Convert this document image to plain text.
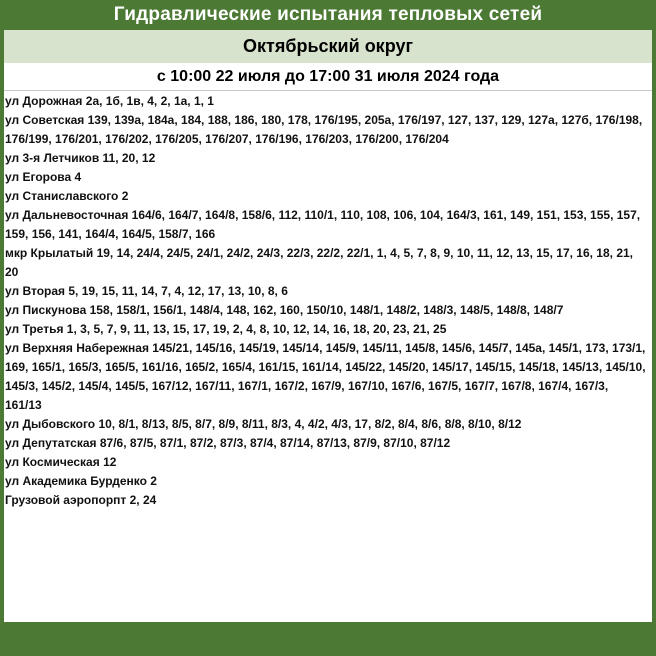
Гидравлические испытания тепловых сетей
Октябрьский округ
с 10:00 22 июля до 17:00 31 июля 2024 года
ул Дорожная 2а, 1б, 1в, 4, 2, 1а, 1, 1
ул Советская 139, 139а, 184а, 184, 188, 186, 180, 178, 176/195, 205а, 176/197, 127, 137, 129, 127а, 127б, 176/198, 176/199, 176/201, 176/202, 176/205, 176/207, 176/196, 176/203, 176/200, 176/204
ул 3-я Летчиков 11, 20, 12
ул Егорова 4
ул Станиславского 2
ул Дальневосточная 164/6, 164/7, 164/8, 158/6, 112, 110/1, 110, 108, 106, 104, 164/3, 161, 149, 151, 153, 155, 157, 159, 156, 141, 164/4, 164/5, 158/7, 166
мкр Крылатый 19, 14, 24/4, 24/5, 24/1, 24/2, 24/3, 22/3, 22/2, 22/1, 1, 4, 5, 7, 8, 9, 10, 11, 12, 13, 15, 17, 16, 18, 21, 20
ул Вторая 5, 19, 15, 11, 14, 7, 4, 12, 17, 13, 10, 8, 6
ул Пискунова 158, 158/1, 156/1, 148/4, 148, 162, 160, 150/10, 148/1, 148/2, 148/3, 148/5, 148/8, 148/7
ул Третья 1, 3, 5, 7, 9, 11, 13, 15, 17, 19, 2, 4, 8, 10, 12, 14, 16, 18, 20, 23, 21, 25
ул Верхняя Набережная 145/21, 145/16, 145/19, 145/14, 145/9, 145/11, 145/8, 145/6, 145/7, 145а, 145/1, 173, 173/1, 169, 165/1, 165/3, 165/5, 161/16, 165/2, 165/4, 161/15, 161/14, 145/22, 145/20, 145/17, 145/15, 145/18, 145/13, 145/10, 145/3, 145/2, 145/4, 145/5, 167/12, 167/11, 167/1, 167/2, 167/9, 167/10, 167/6, 167/5, 167/7, 167/8, 167/4, 167/3, 161/13
ул Дыбовского 10, 8/1, 8/13, 8/5, 8/7, 8/9, 8/11, 8/3, 4, 4/2, 4/3, 17, 8/2, 8/4, 8/6, 8/8, 8/10, 8/12
ул Депутатская 87/6, 87/5, 87/1, 87/2, 87/3, 87/4, 87/14, 87/13, 87/9, 87/10, 87/12
ул Космическая 12
ул Академика Бурденко 2
Грузовой аэропорпт 2, 24
